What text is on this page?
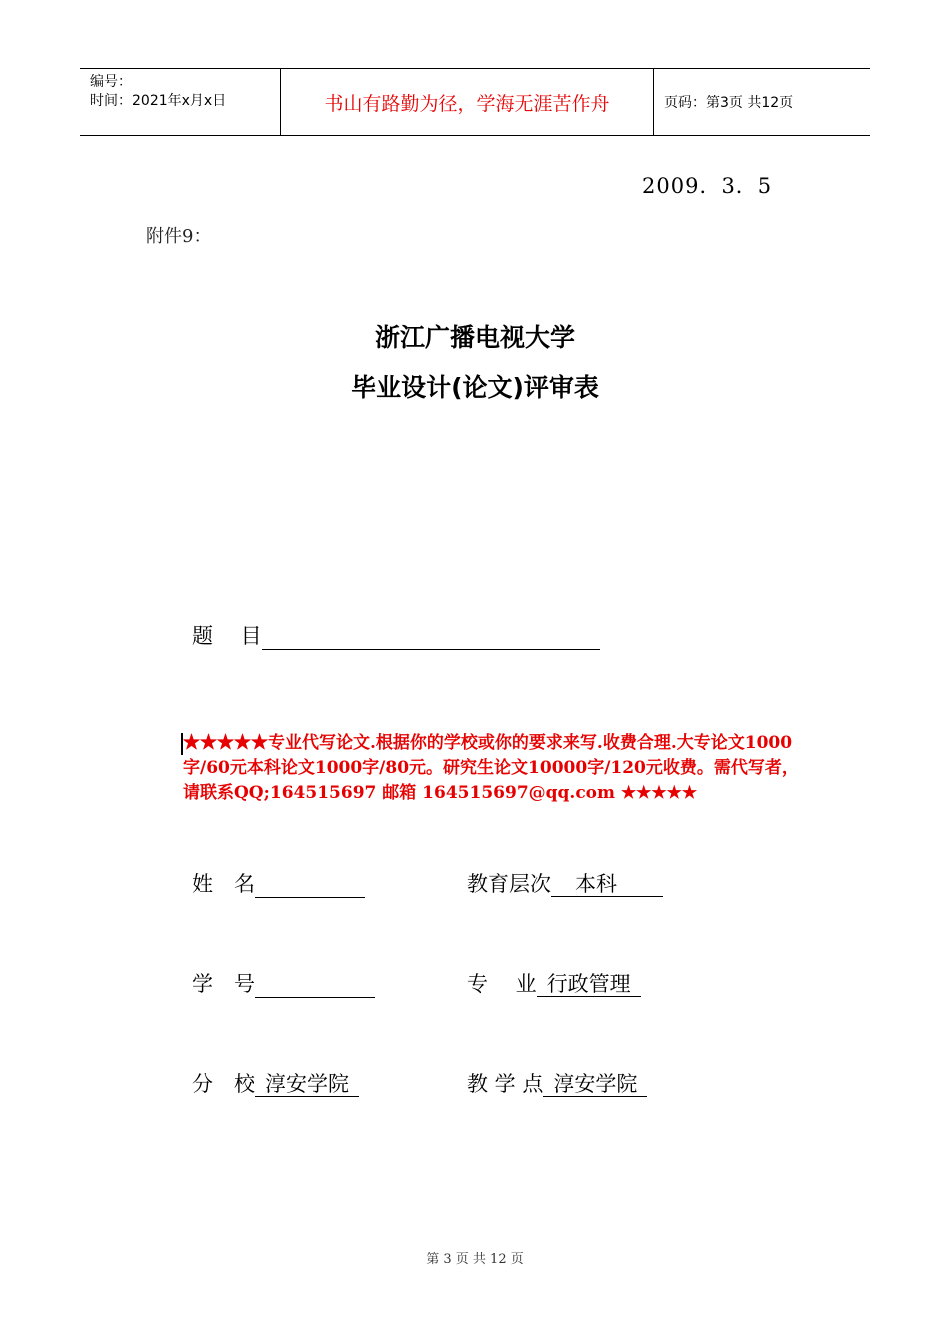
编号：
时间：2021年x月x日	书山有路勤为径，学海无涯苦作舟	页码：第3页 共12页
2009．3．5
附件9：
浙江广播电视大学
毕业设计(论文)评审表
题　 目
★★★★★专业代写论文.根据你的学校或你的要求来写.收费合理.大专论文1000字/60元本科论文1000字/80元。研究生论文10000字/120元收费。需代写者，请联系QQ;164515697 邮箱 164515697@qq.com ★★★★★
姓　名	教育层次 本科
学　号	专　 业 行政管理
分　校 淳安学院	教 学 点 淳安学院
第 3 页 共 12 页
